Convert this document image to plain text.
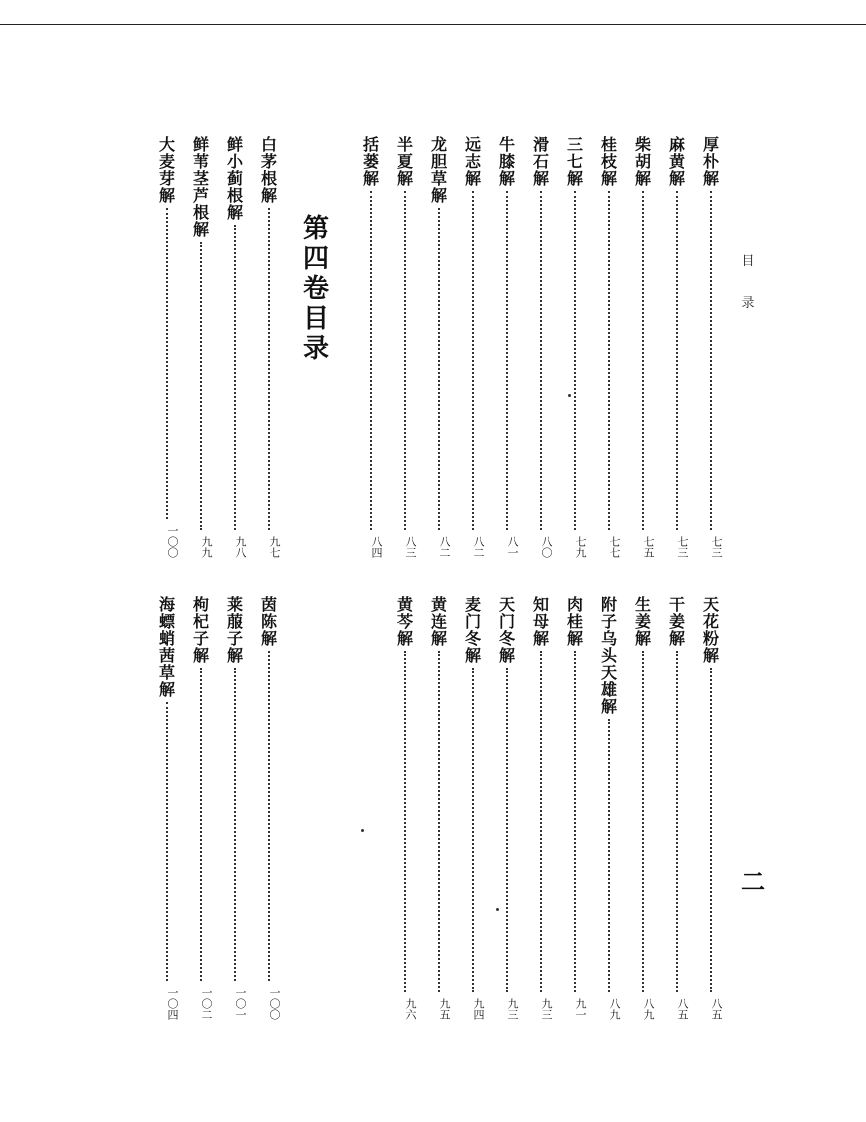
目
录
二
第四卷　目录
厚朴解
七三
麻黄解
七三
柴胡解
七五
桂枝解
七七
三七解
七九
滑石解
八〇
牛膝解
八一
远志解
八二
龙胆草解
八二
半夏解
八三
括蒌解
八四
白茅根解
九七
鲜小蓟根解
九八
鲜苇茎芦根解
九九
大麦芽解
一〇〇
天花粉解
八五
干姜解
八五
生姜解
八九
附子乌头天雄解
八九
肉桂解
九一
知母解
九三
天门冬解
九三
麦门冬解
九四
黄连解
九五
黄芩解
九六
茵陈解
一〇〇
莱菔子解
一〇一
枸杞子解
一〇二
海螵蛸茜草解
一〇四
